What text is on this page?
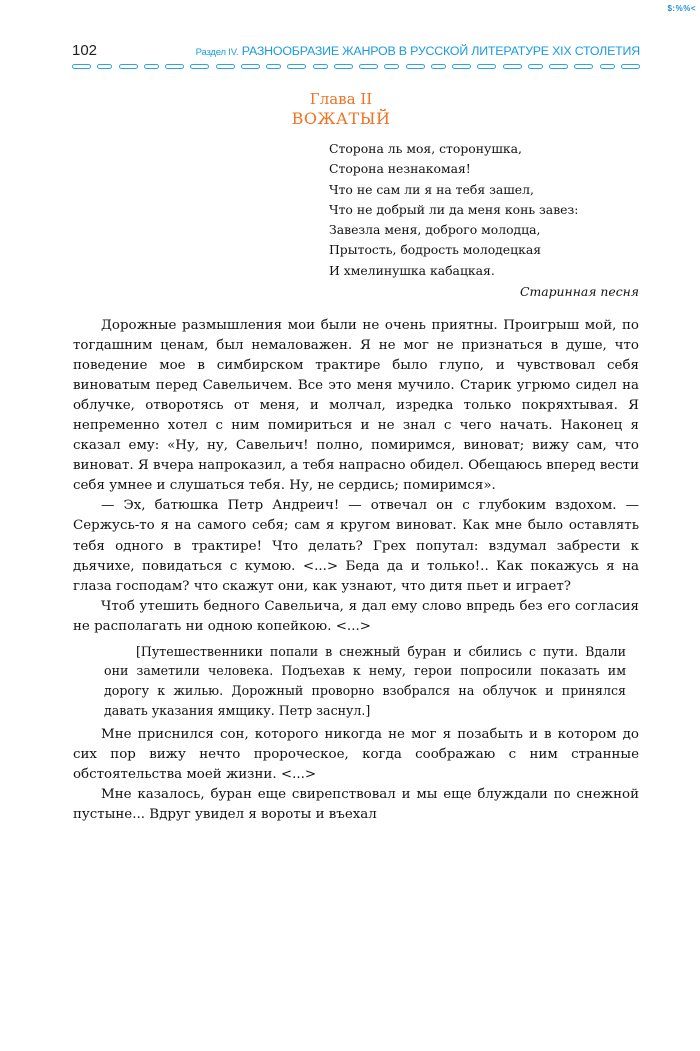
$:%%<
102	Раздел IV. РАЗНООБРАЗИЕ ЖАНРОВ В РУССКОЙ ЛИТЕРАТУРЕ XIX СТОЛЕТИЯ
Глава II
ВОЖАТЫЙ
Сторона ль моя, сторонушка,
Сторона незнакомая!
Что не сам ли я на тебя зашел,
Что не добрый ли да меня конь завез:
Завезла меня, доброго молодца,
Прытость, бодрость молодецкая
И хмелинушка кабацкая.
Старинная песня

Дорожные размышления мои были не очень приятны. Проигрыш мой, по тогдашним ценам, был немаловажен. Я не мог не признаться в душе, что поведение мое в симбирском трактире было глупо, и чувствовал себя виноватым перед Савельичем. Все это меня мучило. Старик угрюмо сидел на облучке, отворотясь от меня, и молчал, изредка только покряхтывая. Я непременно хотел с ним помириться и не знал с чего начать. Наконец я сказал ему: «Ну, ну, Савельич! полно, помиримся, виноват; вижу сам, что виноват. Я вчера напроказил, а тебя напрасно обидел. Обещаюсь вперед вести себя умнее и слушаться тебя. Ну, не сердись; помиримся».

— Эх, батюшка Петр Андреич! — отвечал он с глубоким вздохом. — Сержусь-то я на самого себя; сам я кругом виноват. Как мне было оставлять тебя одного в трактире! Что делать? Грех попутал: вздумал забрести к дьячихе, повидаться с кумою. <...> Беда да и только!.. Как покажусь я на глаза господам? что скажут они, как узнают, что дитя пьет и играет?

Чтоб утешить бедного Савельича, я дал ему слово впредь без его согласия не располагать ни одною копейкою. <...>

[Путешественники попали в снежный буран и сбились с пути. Вдали они заметили человека. Подъехав к нему, герои попросили показать им дорогу к жилью. Дорожный проворно взобрался на облучок и принялся давать указания ямщику. Петр заснул.]

Мне приснился сон, которого никогда не мог я позабыть и в котором до сих пор вижу нечто пророческое, когда соображаю с ним странные обстоятельства моей жизни. <...>

Мне казалось, буран еще свирепствовал и мы еще блуждали по снежной пустыне... Вдруг увидел я вороты и въехал
